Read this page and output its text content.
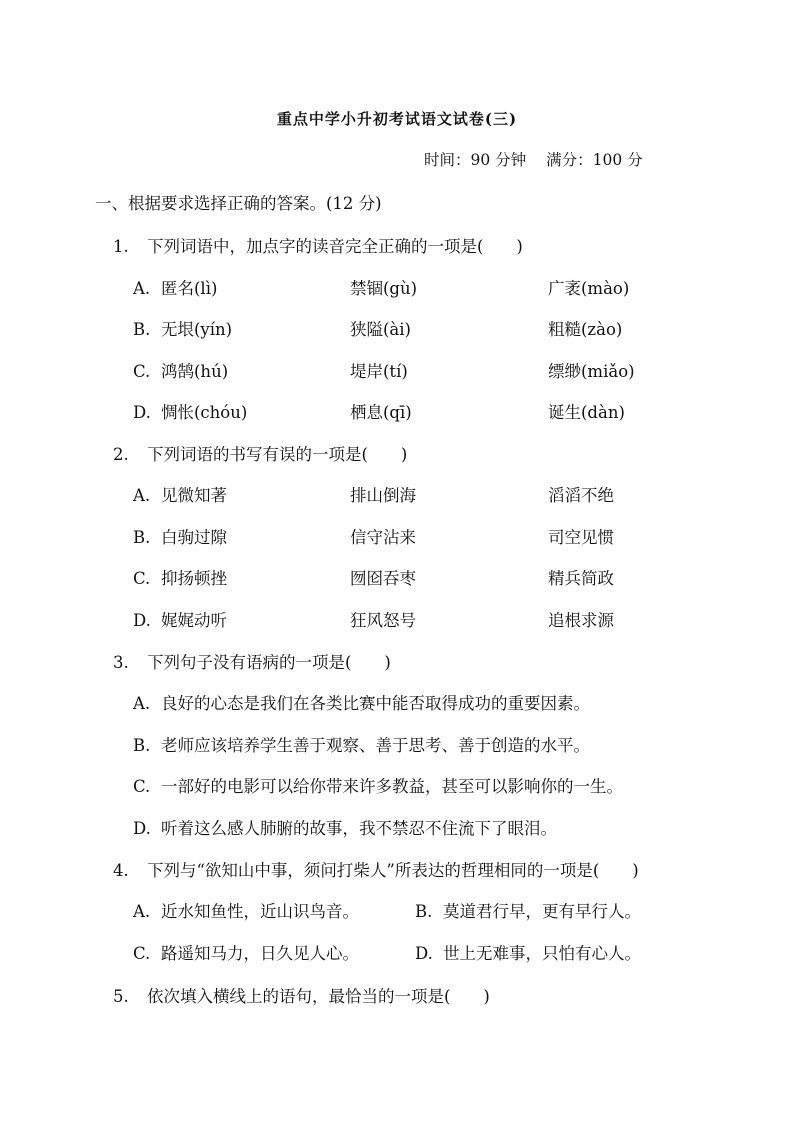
重点中学小升初考试语文试卷(三)
时间：90 分钟 满分：100 分
一、根据要求选择正确的答案。(12 分)
1. 下列词语中，加点字的读音完全正确的一项是(　　)
A. 匿名(lì)	禁锢(gù)	广袤(mào)
B. 无垠(yín)	狭隘(ài)	粗糙(zào)
C. 鸿鹄(hú)	堤岸(tí)	缥缈(miǎo)
D. 惆怅(chóu)	栖息(qī)	诞生(dàn)
2. 下列词语的书写有误的一项是(　　)
A. 见微知著	排山倒海	滔滔不绝
B. 白驹过隙	信守沾来	司空见惯
C. 抑扬顿挫	囫囵吞枣	精兵简政
D. 娓娓动听	狂风怒号	追根求源
3. 下列句子没有语病的一项是(　　)
A. 良好的心态是我们在各类比赛中能否取得成功的重要因素。
B. 老师应该培养学生善于观察、善于思考、善于创造的水平。
C. 一部好的电影可以给你带来许多教益，甚至可以影响你的一生。
D. 听着这么感人肺腑的故事，我不禁忍不住流下了眼泪。
4. 下列与“欲知山中事，须问打柴人”所表达的哲理相同的一项是(　　)
A. 近水知鱼性，近山识鸟音。	B. 莫道君行早，更有早行人。
C. 路遥知马力，日久见人心。	D. 世上无难事，只怕有心人。
5. 依次填入横线上的语句，最恰当的一项是(　　)
